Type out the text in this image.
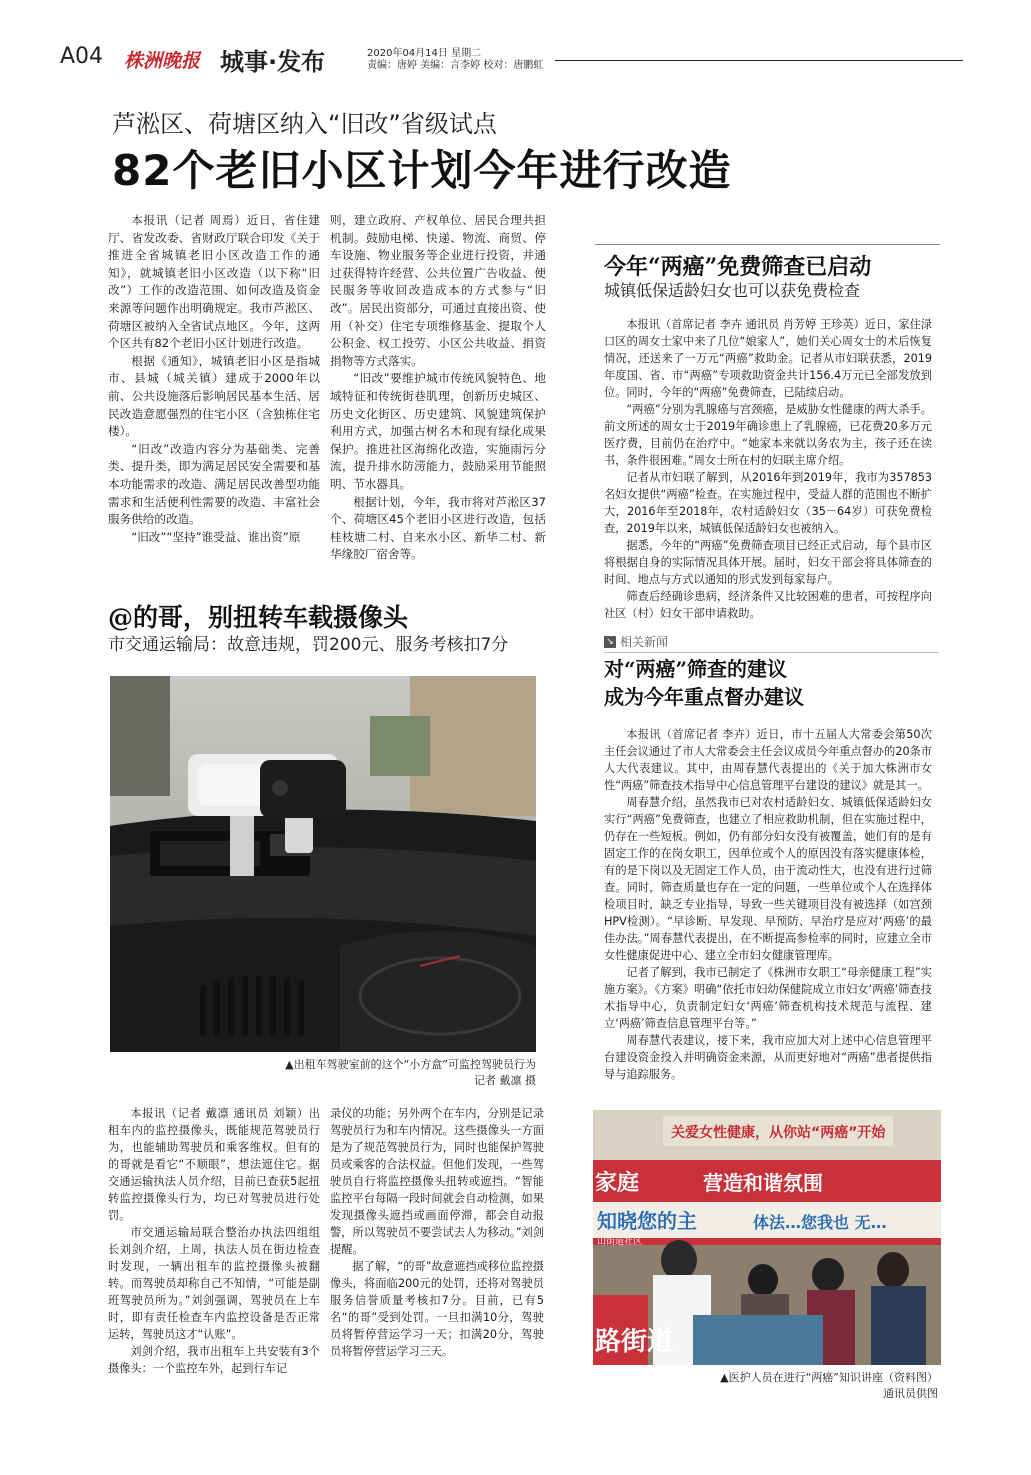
A04 株洲晚报 城事·发布	2020年04月14日 星期二
责编：唐婷 美编：言李婷 校对：唐鹏虹
芦淞区、荷塘区纳入“旧改”省级试点
82个老旧小区计划今年进行改造

本报讯（记者 周焉）近日，省住建厅、省发改委、省财政厅联合印发《关于推进全省城镇老旧小区改造工作的通知》，就城镇老旧小区改造（以下称“旧改”）工作的改造范围、如何改造及资金来源等问题作出明确规定。我市芦淞区、荷塘区被纳入全省试点地区。今年，这两个区共有82个老旧小区计划进行改造。

根据《通知》，城镇老旧小区是指城市、县城（城关镇）建成于2000年以前、公共设施落后影响居民基本生活、居民改造意愿强烈的住宅小区（含独栋住宅楼）。

“旧改”改造内容分为基础类、完善类、提升类，即为满足居民安全需要和基本功能需求的改造、满足居民改善型功能需求和生活便利性需要的改造、丰富社会服务供给的改造。

“旧改”“坚持”谁受益、谁出资”原

则，建立政府、产权单位、居民合理共担机制。鼓励电梯、快递、物流、商贸、停车设施、物业服务等企业进行投资，并通过获得特许经营、公共位置广告收益、便民服务等收回改造成本的方式参与“旧改”。居民出资部分，可通过直接出资、使用（补交）住宅专项维修基金、提取个人公积金、权工投劳、小区公共收益、捐资捐物等方式落实。

“旧改”要维护城市传统风貌特色、地域特征和传统街巷肌理，创新历史城区、历史文化街区、历史建筑、风貌建筑保护利用方式，加强古树名木和现有绿化成果保护。推进社区海绵化改造，实施雨污分流，提升排水防涝能力，鼓励采用节能照明、节水器具。

根据计划，今年，我市将对芦淞区37个、荷塘区45个老旧小区进行改造，包括桂枝塘二村、自来水小区、新华二村、新华缘胶厂宿舍等。

今年“两癌”免费筛查已启动
城镇低保适龄妇女也可以获免费检查

本报讯（首席记者 李卉 通讯员 肖芳婷 王珍英）近日，家住渌口区的周女士家中来了几位“娘家人”，她们关心周女士的术后恢复情况，还送来了一万元“两癌”救助金。记者从市妇联获悉，2019年度国、省、市“两癌”专项救助资金共计156.4万元已全部发放到位。同时，今年的“两癌”免费筛查，已陆续启动。

“两癌”分别为乳腺癌与宫颈癌，是威胁女性健康的两大杀手。前文所述的周女士于2019年确诊患上了乳腺癌，已花费20多万元医疗费，目前仍在治疗中。“她家本来就以务农为主，孩子还在读书，条件很困难。”周女士所在村的妇联主席介绍。

记者从市妇联了解到，从2016年到2019年，我市为357853名妇女提供“两癌”检查。在实施过程中，受益人群的范围也不断扩大，2016年至2018年，农村适龄妇女（35－64岁）可获免费检查，2019年以来，城镇低保适龄妇女也被纳入。

据悉，今年的“两癌”免费筛查项目已经正式启动，每个县市区将根据自身的实际情况具体开展。届时，妇女干部会将具体筛查的时间、地点与方式以通知的形式发到每家每户。

筛查后经确诊患病，经济条件又比较困难的患者，可按程序向社区（村）妇女干部申请救助。

↘ 相关新闻
对“两癌”筛查的建议
成为今年重点督办建议

本报讯（首席记者 李卉）近日，市十五届人大常委会第50次主任会议通过了市人大常委会主任会议成员今年重点督办的20条市人大代表建议。其中，由周春慧代表提出的《关于加大株洲市女性“两癌”筛查技术指导中心信息管理平台建设的建议》就是其一。

周春慧介绍，虽然我市已对农村适龄妇女、城镇低保适龄妇女实行“两癌”免费筛查，也建立了相应救助机制，但在实施过程中，仍存在一些短板。例如，仍有部分妇女没有被覆盖，她们有的是有固定工作的在岗女职工，因单位或个人的原因没有落实健康体检，有的是下岗以及无固定工作人员，由于流动性大，也没有进行过筛查。同时，筛查质量也存在一定的问题，一些单位或个人在选择体检项目时，缺乏专业指导，导致一些关键项目没有被选择（如宫颈HPV检测）。“早诊断、早发现、早预防、早治疗是应对‘两癌’的最佳办法。”周春慧代表提出，在不断提高参检率的同时，应建立全市女性健康促进中心、建立全市妇女健康管理库。

记者了解到，我市已制定了《株洲市女职工“母亲健康工程”实施方案》。《方案》明确“依托市妇幼保健院成立市妇女‘两癌’筛查技术指导中心，负责制定妇女‘两癌’筛查机构技术规范与流程、建立‘两癌’筛查信息管理平台等。”

周春慧代表建议，接下来，我市应加大对上述中心信息管理平台建设资金投入并明确资金来源，从而更好地对“两癌”患者提供指导与追踪服务。

关爱女性健康，从你站“两癌”开始
家庭	营造和谐氛围
知晓您的主	体法…您我也 无…
山街道社区
路街道
▲医护人员在进行“两癌”知识讲座（资料图）
通讯员供图
@的哥，别扭转车载摄像头
市交通运输局：故意违规，罚200元、服务考核扣7分
▲出租车驾驶室前的这个“小方盒”可监控驾驶员行为
记者 戴凛 摄

本报讯（记者 戴凛 通讯员 刘颖）出租车内的监控摄像头，既能规范驾驶员行为，也能辅助驾驶员和乘客维权。但有的的哥就是看它“不顺眼”，想法遮住它。据交通运输执法人员介绍，目前已查获5起扭转监控摄像头行为，均已对驾驶员进行处罚。

市交通运输局联合整治办执法四组组长刘剑介绍，上周，执法人员在街边检查时发现，一辆出租车的监控摄像头被翻转。而驾驶员却称自己不知情，“可能是副班驾驶员所为。”刘剑强调，驾驶员在上车时，即有责任检查车内监控设备是否正常运转，驾驶员这才“认账”。

刘剑介绍，我市出租车上共安装有3个摄像头：一个监控车外，起到行车记

录仪的功能；另外两个在车内，分别是记录驾驶员行为和车内情况。这些摄像头一方面是为了规范驾驶员行为，同时也能保护驾驶员或乘客的合法权益。但他们发现，一些驾驶员自行将监控摄像头扭转或遮挡。“智能监控平台每隔一段时间就会自动检测，如果发现摄像头遮挡或画面停滞，都会自动报警，所以驾驶员不要尝试去人为移动。”刘剑提醒。

据了解，“的哥”故意遮挡或移位监控摄像头，将面临200元的处罚，还将对驾驶员服务信誉质量考核扣7分。目前，已有5名“的哥”受到处罚。一旦扣满10分，驾驶员将暂停营运学习一天；扣满20分，驾驶员将暂停营运学习三天。
